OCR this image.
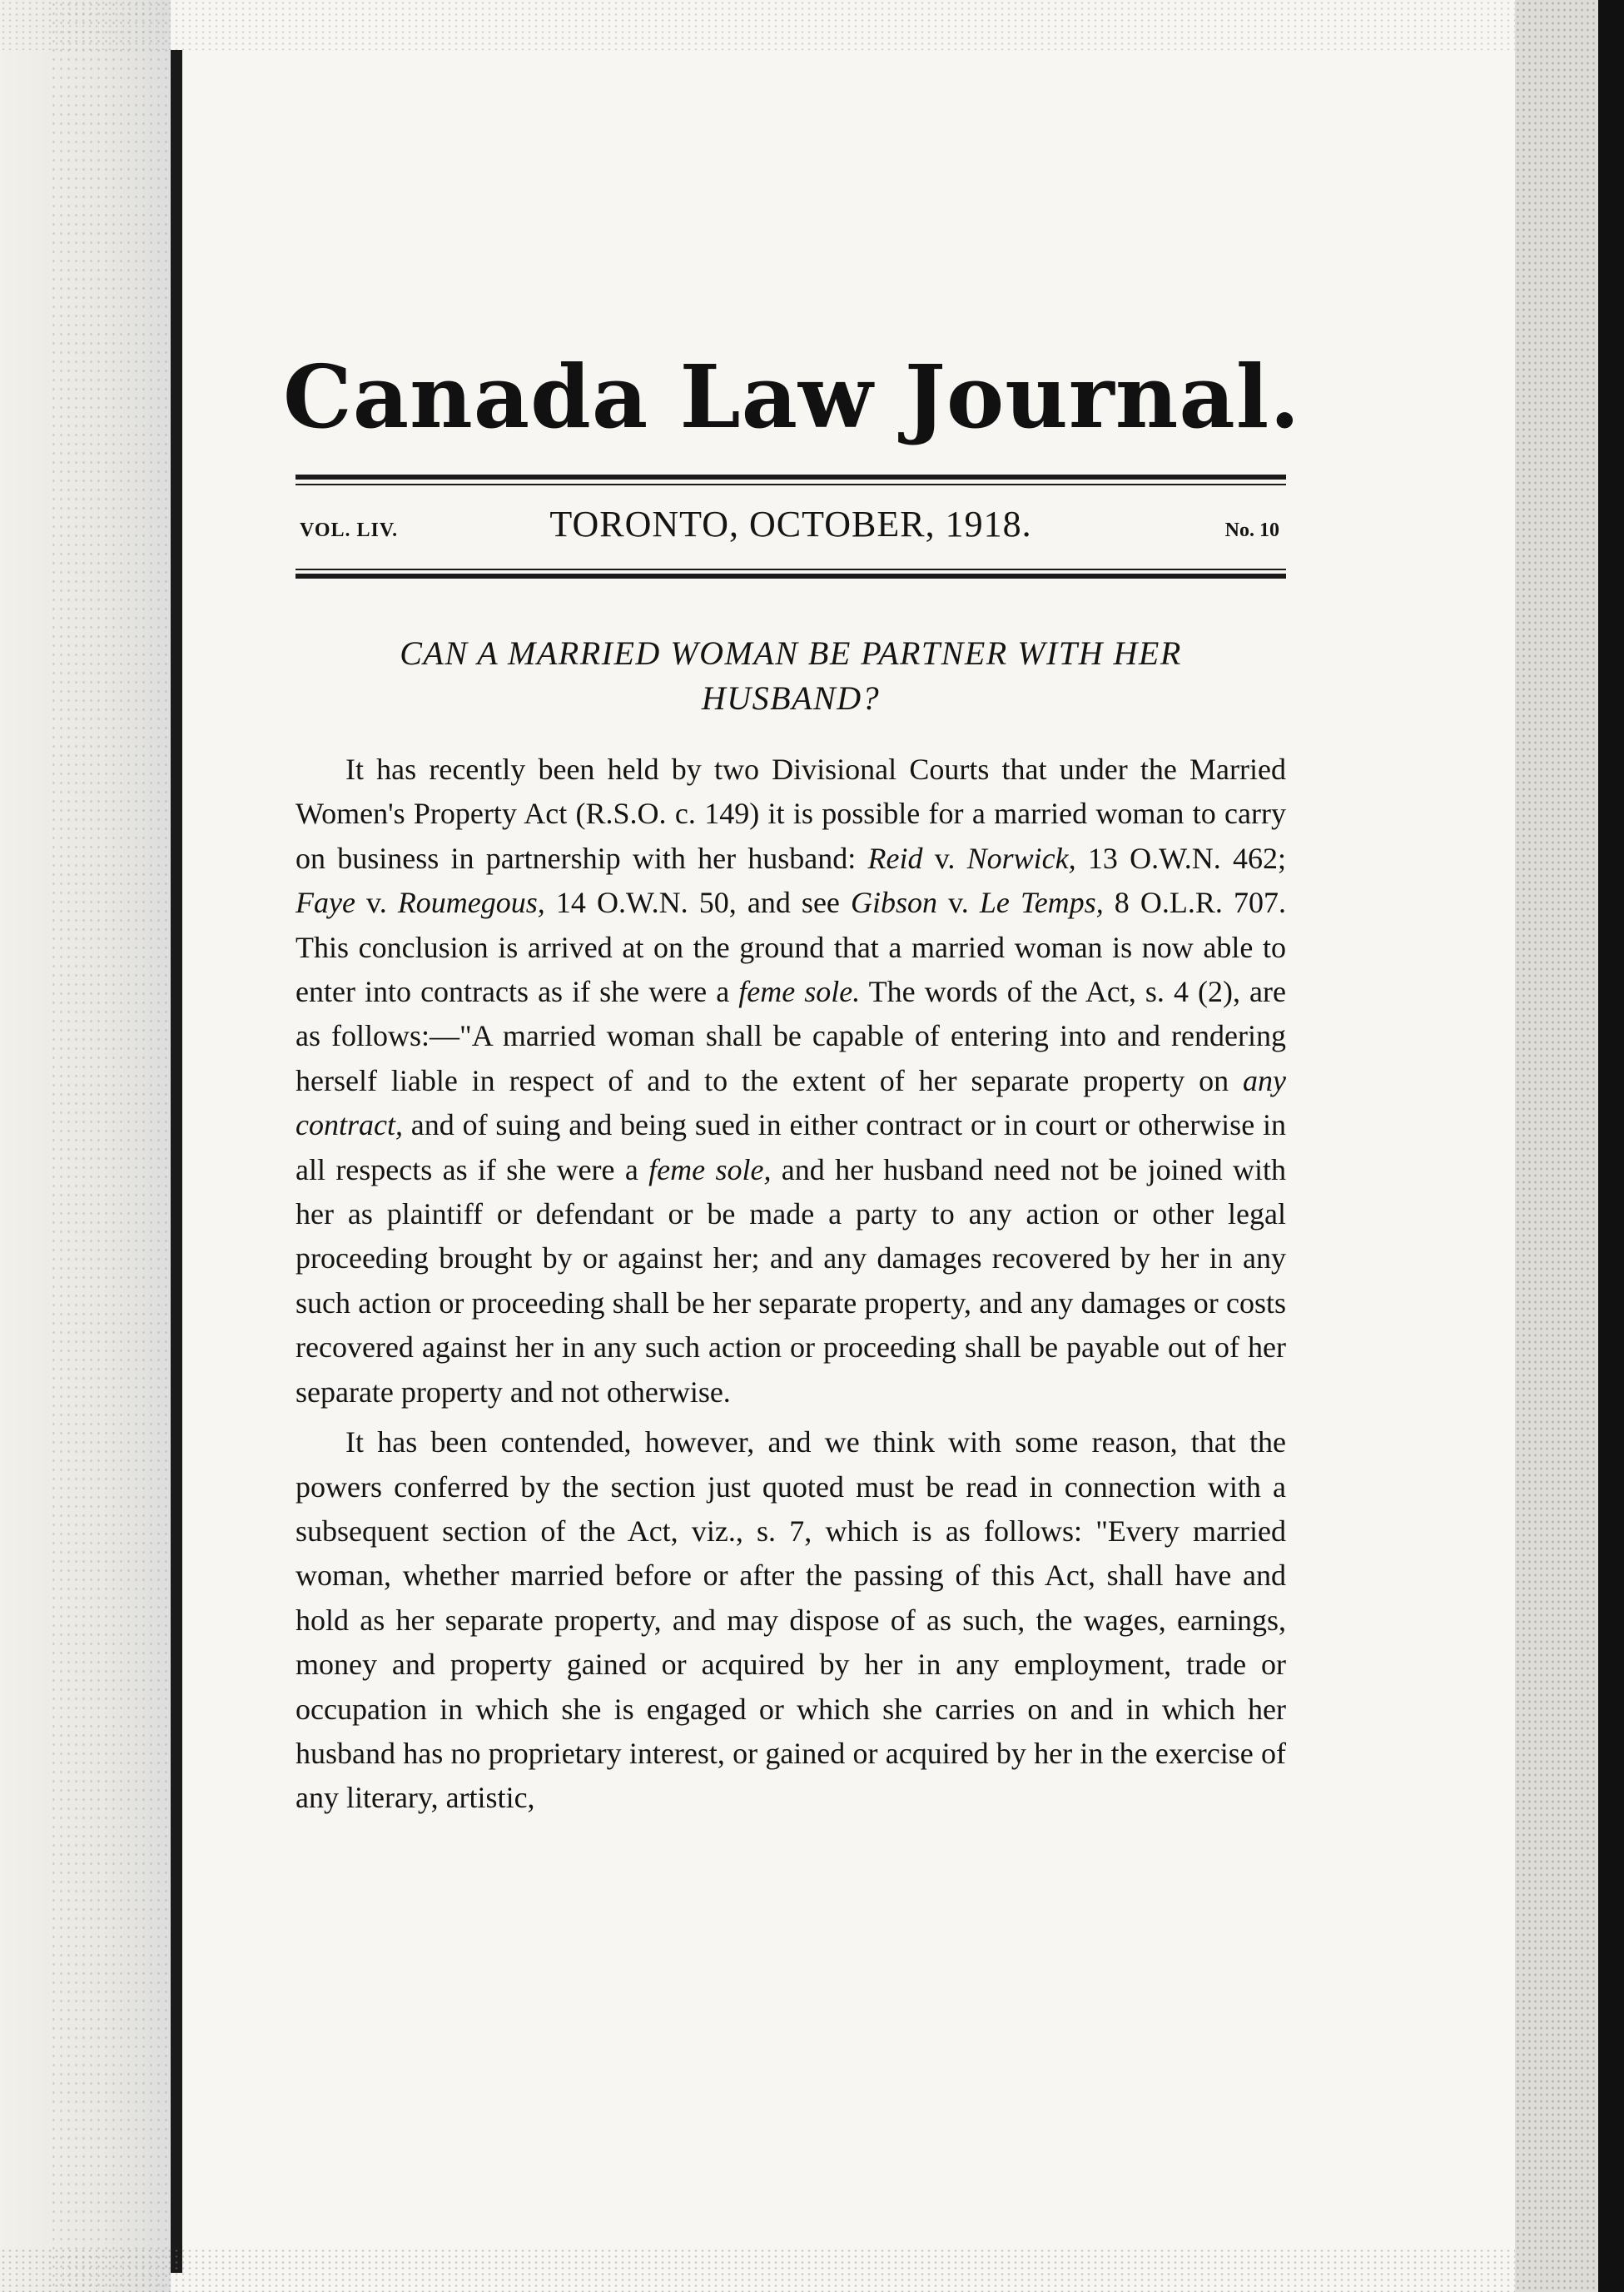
Canada Law Journal.
VOL. LIV.	TORONTO, OCTOBER, 1918.	No. 10
CAN A MARRIED WOMAN BE PARTNER WITH HER
HUSBAND?

It has recently been held by two Divisional Courts that under the Married Women's Property Act (R.S.O. c. 149) it is possible for a married woman to carry on business in partnership with her husband: Reid v. Norwick, 13 O.W.N. 462; Faye v. Roumegous, 14 O.W.N. 50, and see Gibson v. Le Temps, 8 O.L.R. 707. This conclusion is arrived at on the ground that a married woman is now able to enter into contracts as if she were a feme sole. The words of the Act, s. 4 (2), are as follows:—"A married woman shall be capable of entering into and rendering herself liable in respect of and to the extent of her separate property on any contract, and of suing and being sued in either contract or in court or otherwise in all respects as if she were a feme sole, and her husband need not be joined with her as plaintiff or defendant or be made a party to any action or other legal proceeding brought by or against her; and any damages recovered by her in any such action or proceeding shall be her separate property, and any damages or costs recovered against her in any such action or proceeding shall be payable out of her separate property and not otherwise.

It has been contended, however, and we think with some reason, that the powers conferred by the section just quoted must be read in connection with a subsequent section of the Act, viz., s. 7, which is as follows: "Every married woman, whether married before or after the passing of this Act, shall have and hold as her separate property, and may dispose of as such, the wages, earnings, money and property gained or acquired by her in any employment, trade or occupation in which she is engaged or which she carries on and in which her husband has no proprietary interest, or gained or acquired by her in the exercise of any literary, artistic,
